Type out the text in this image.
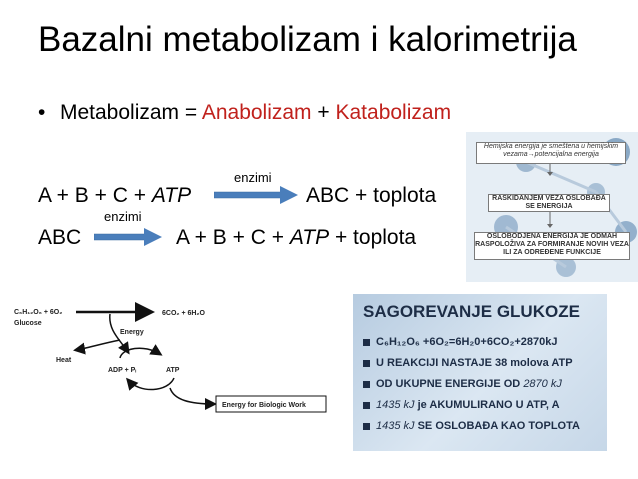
Bazalni metabolizam i kalorimetrija
• Metabolizam = Anabolizam + Katabolizam
A + B + C + ATP
enzimi
ABC + toplota
enzimi
ABC	A + B + C + ATP + toplota
Hemijska energija je smeštena u hemijskim vezama→potencijalna energija
RASKIDANJEM VEZA OSLOBAĐA SE ENERGIJA
OSLOBODJENA ENERGIJA JE ODMAH RASPOLOŽIVA ZA FORMIRANJE NOVIH VEZA ILI ZA ODREĐENE FUNKCIJE
C₆H₁₂O₆ + 6O₂
Glucose
6CO₂ + 6H₂O
Energy
Heat
ADP + Pᵢ	ATP
Energy for Biologic Work
SAGOREVANJE GLUKOZE
C₆H₁₂O₆ +6O₂=6H₂0+6CO₂+2870kJ
U REAKCIJI NASTAJE 38 molova ATP
OD UKUPNE ENERGIJE OD 2870 kJ
1435 kJ je AKUMULIRANO U ATP, A
1435 kJ SE OSLOBAĐA KAO TOPLOTA
